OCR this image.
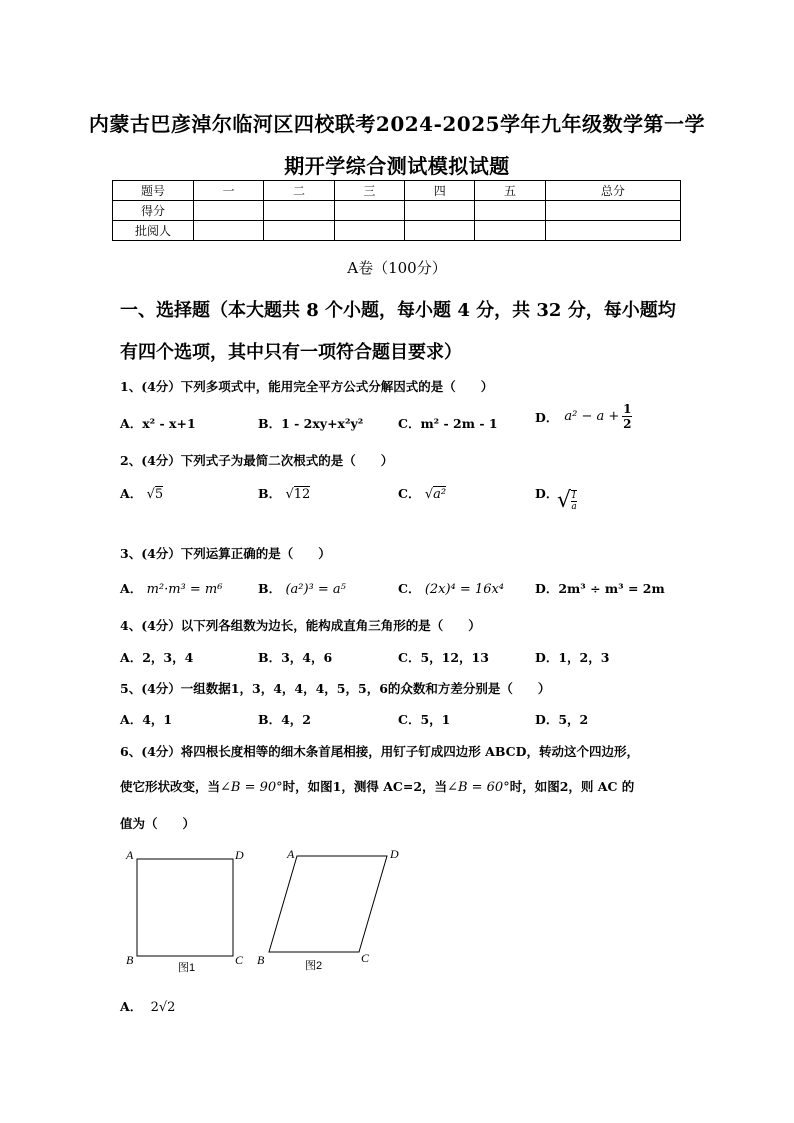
内蒙古巴彦淖尔临河区四校联考2024-2025学年九年级数学第一学
期开学综合测试模拟试题
题号	一	二	三	四	五	总分
得分						
批阅人						
A卷（100分）
一、选择题（本大题共 8 个小题，每小题 4 分，共 32 分，每小题均
有四个选项，其中只有一项符合题目要求）
1、(4分）下列多项式中，能用完全平方公式分解因式的是（　　）
A．x² - x+1	B．1 - 2xy+x²y²	C．m² - 2m - 1	D． $a^2 - a + \frac{1}{2}$
2、(4分）下列式子为最简二次根式的是（　　）
A． √5	B． √12	C． √a²	D．
√ $\frac{1}{a}$
3、(4分）下列运算正确的是（　　）
A． m²·m³ = m⁶	B． (a²)³ = a⁵	C． (2x)⁴ = 16x⁴ D．2m³ ÷ m³ = 2m
4、(4分）以下列各组数为边长，能构成直角三角形的是（　　）
A．2，3，4	B．3，4，6	C．5，12，13	D．1，2，3
5、(4分）一组数据1，3，4，4，4，5，5，6的众数和方差分别是（　　）
A．4，1	B．4，2	C．5，1	D．5，2
6、(4分）将四根长度相等的细木条首尾相接，用钉子钉成四边形 ABCD，转动这个四边形，
使它形状改变，当∠B = 90°时，如图1，测得 AC=2，当∠B = 60°时，如图2，则 AC 的
值为（　　）
A	D
B	C
图1
A	D
B	C
图2
A． 2√2
